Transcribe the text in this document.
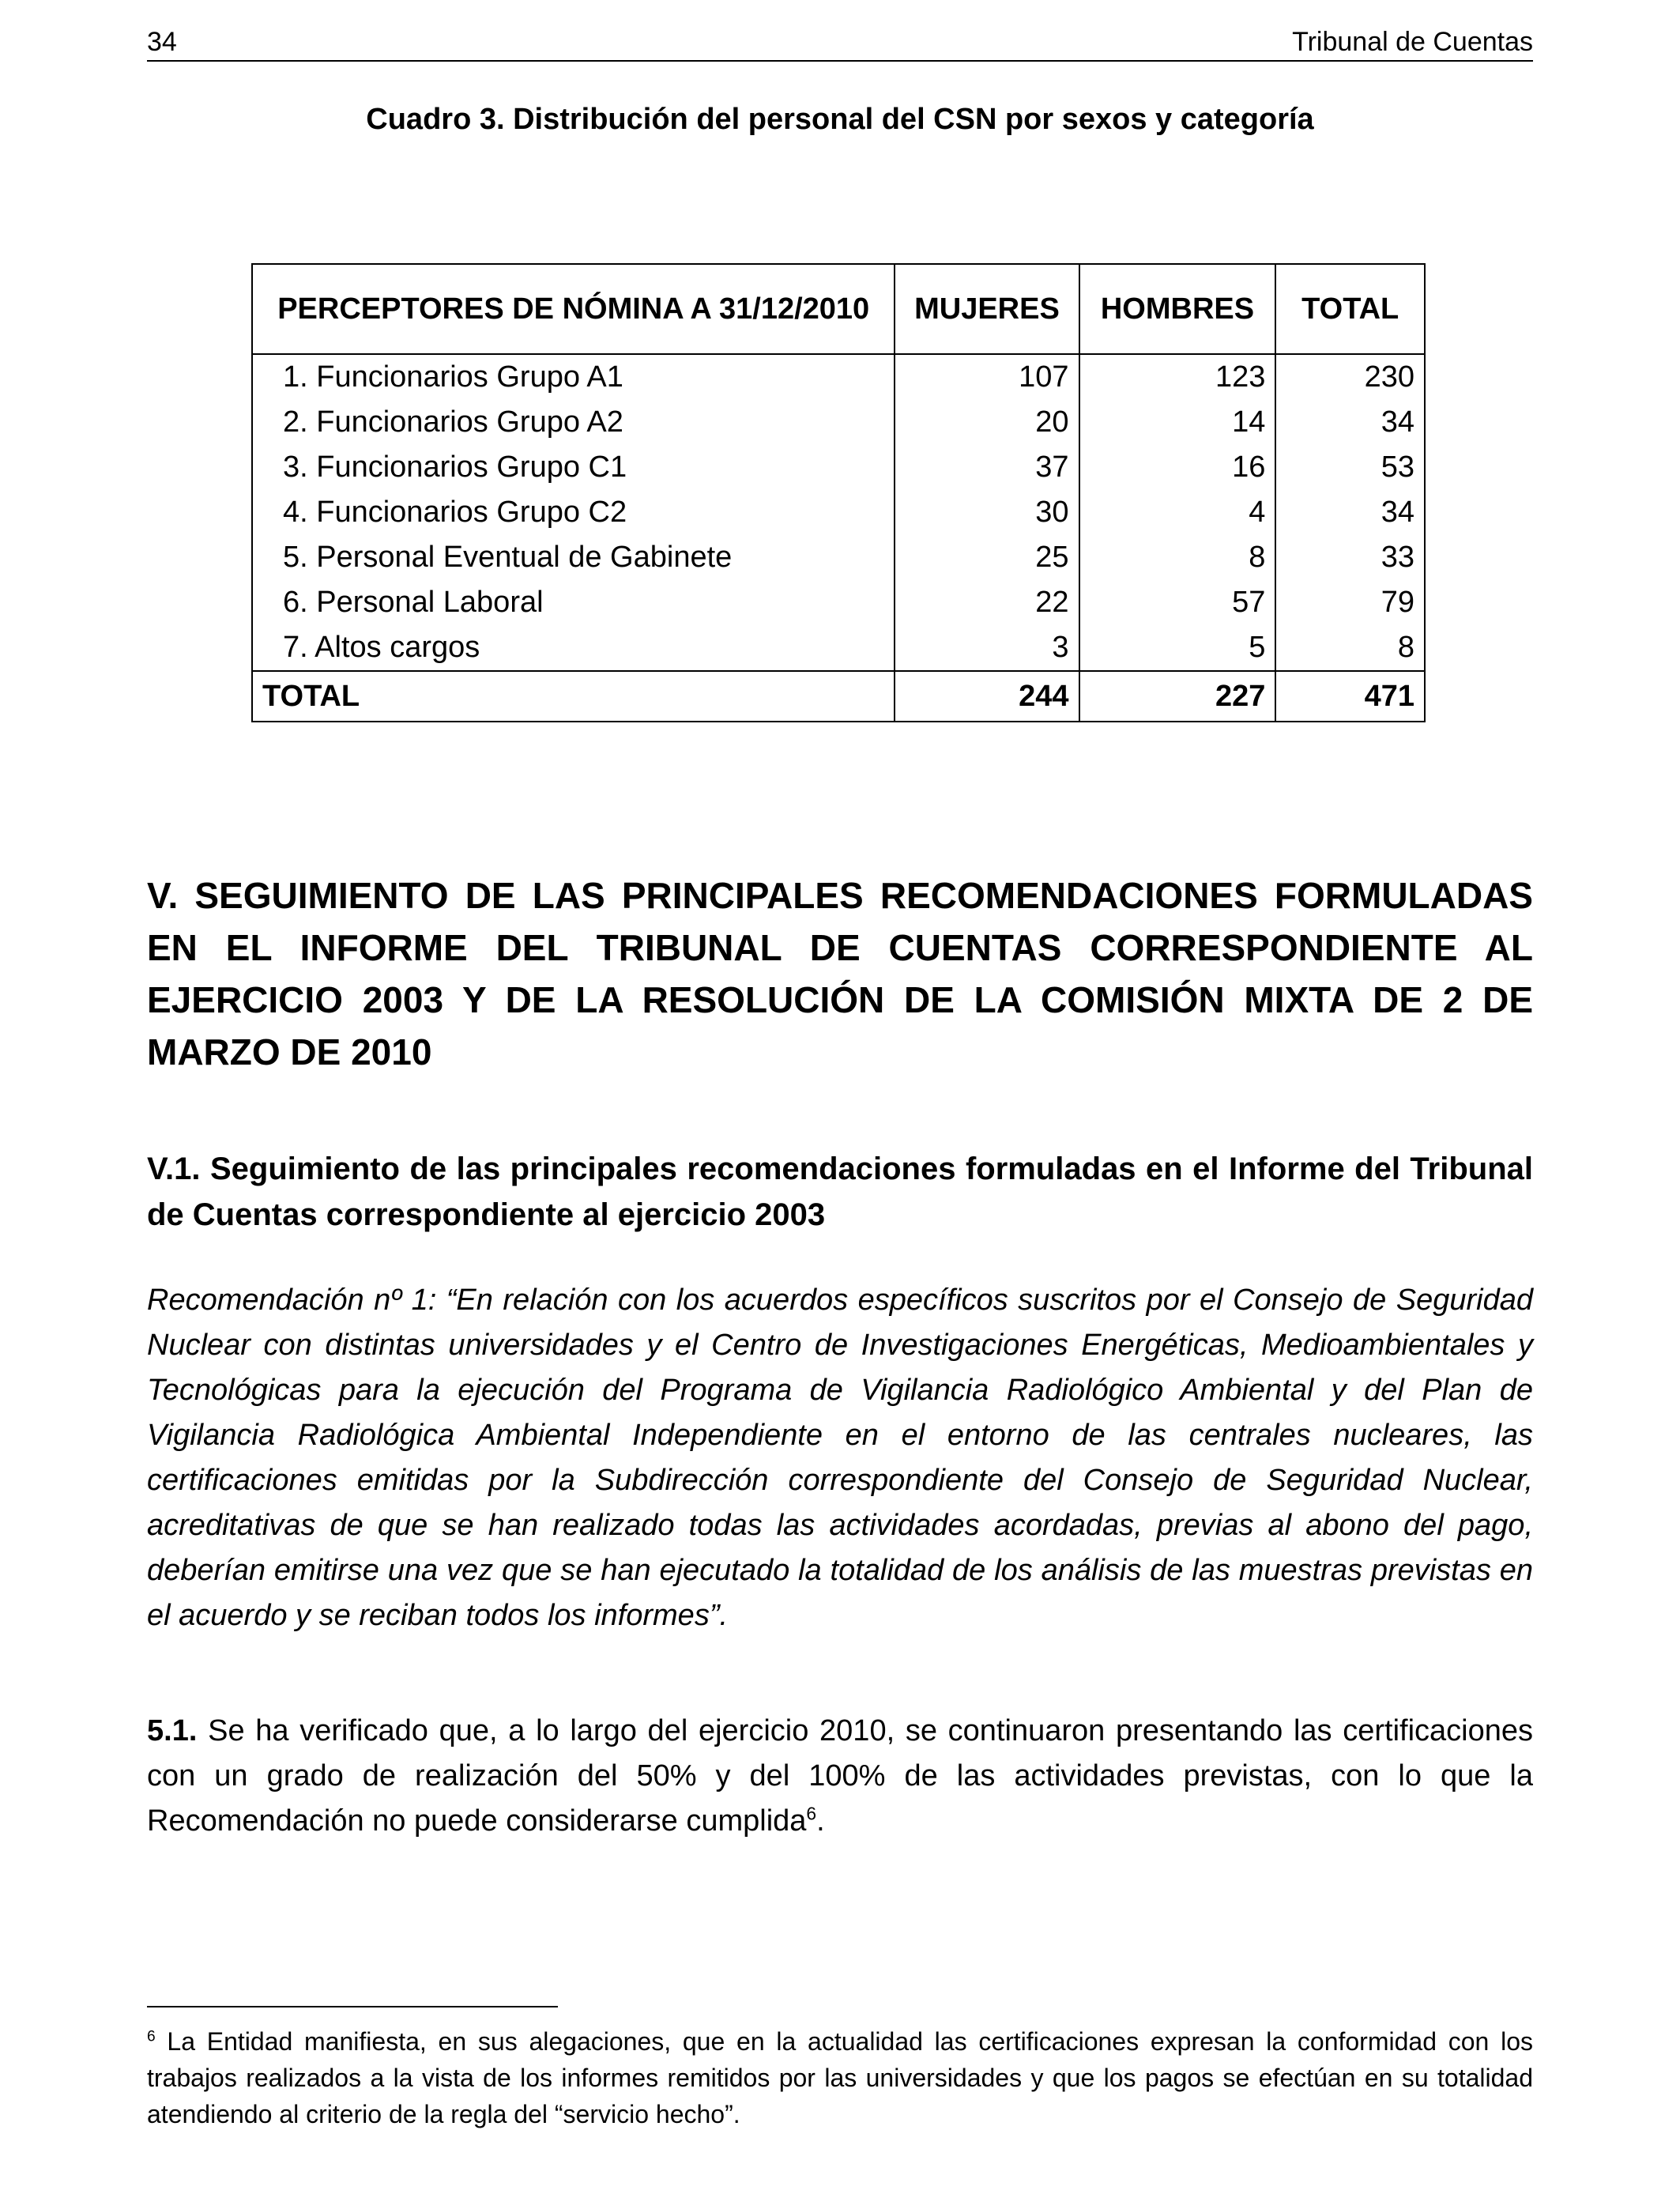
34	Tribunal de Cuentas
Cuadro 3. Distribución del personal del CSN por sexos y categoría
PERCEPTORES DE NÓMINA A 31/12/2010	MUJERES	HOMBRES	TOTAL
1. Funcionarios Grupo A1	107	123	230
2. Funcionarios Grupo A2	20	14	34
3. Funcionarios Grupo C1	37	16	53
4. Funcionarios Grupo C2	30	4	34
5. Personal Eventual de Gabinete	25	8	33
6. Personal Laboral	22	57	79
7. Altos cargos	3	5	8
TOTAL	244	227	471
V. SEGUIMIENTO DE LAS PRINCIPALES RECOMENDACIONES FORMULADAS EN EL INFORME DEL TRIBUNAL DE CUENTAS CORRESPONDIENTE AL EJERCICIO 2003 Y DE LA RESOLUCIÓN DE LA COMISIÓN MIXTA DE 2 DE MARZO DE 2010
V.1. Seguimiento de las principales recomendaciones formuladas en el Informe del Tribunal de Cuentas correspondiente al ejercicio 2003
Recomendación nº 1: “En relación con los acuerdos específicos suscritos por el Consejo de Seguridad Nuclear con distintas universidades y el Centro de Investigaciones Energéticas, Medioambientales y Tecnológicas para la ejecución del Programa de Vigilancia Radiológico Ambiental y del Plan de Vigilancia Radiológica Ambiental Independiente en el entorno de las centrales nucleares, las certificaciones emitidas por la Subdirección correspondiente del Consejo de Seguridad Nuclear, acreditativas de que se han realizado todas las actividades acordadas, previas al abono del pago, deberían emitirse una vez que se han ejecutado la totalidad de los análisis de las muestras previstas en el acuerdo y se reciban todos los informes”.
5.1. Se ha verificado que, a lo largo del ejercicio 2010, se continuaron presentando las certificaciones con un grado de realización del 50% y del 100% de las actividades previstas, con lo que la Recomendación no puede considerarse cumplida$^6$.
$^6$ La Entidad manifiesta, en sus alegaciones, que en la actualidad las certificaciones expresan la conformidad con los trabajos realizados a la vista de los informes remitidos por las universidades y que los pagos se efectúan en su totalidad atendiendo al criterio de la regla del “servicio hecho”.
